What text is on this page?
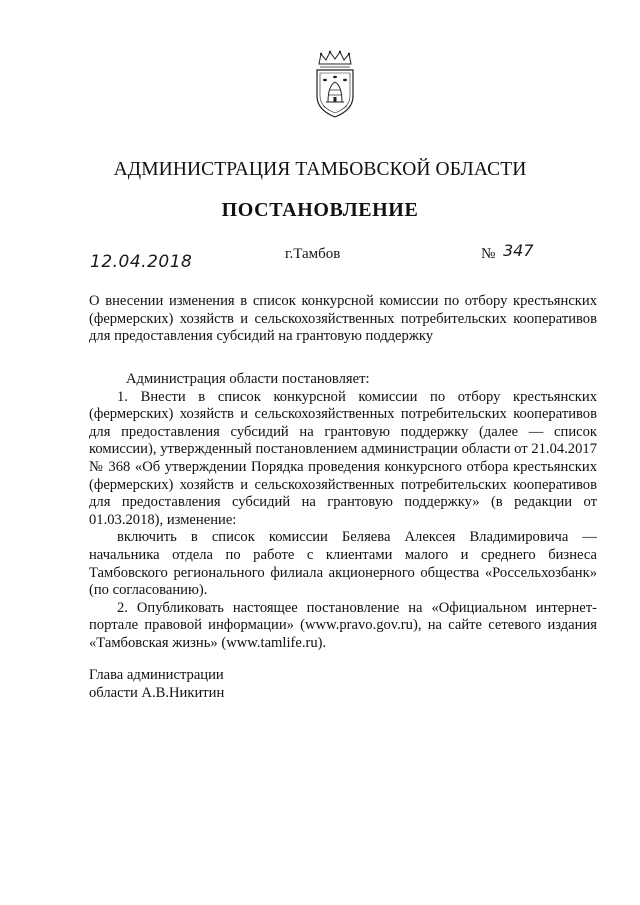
АДМИНИСТРАЦИЯ ТАМБОВСКОЙ ОБЛАСТИ
ПОСТАНОВЛЕНИЕ
12.04.2018	г.Тамбов	№ 347
О внесении изменения в список конкурсной комиссии по отбору крестьянских (фермерских) хозяйств и сельскохозяйственных потребительских кооперативов для предоставления субсидий на грантовую поддержку

Администрация области постановляет:

1. Внести в список конкурсной комиссии по отбору крестьянских (фермерских) хозяйств и сельскохозяйственных потребительских кооперативов для предоставления субсидий на грантовую поддержку (далее — список комиссии), утвержденный постановлением администрации области от 21.04.2017 № 368 «Об утверждении Порядка проведения конкурсного отбора крестьянских (фермерских) хозяйств и сельскохозяйственных потребительских кооперативов для предоставления субсидий на грантовую поддержку» (в редакции от 01.03.2018), изменение:

включить в список комиссии Беляева Алексея Владимировича — начальника отдела по работе с клиентами малого и среднего бизнеса Тамбовского регионального филиала акционерного общества «Россельхозбанк» (по согласованию).

2. Опубликовать настоящее постановление на «Официальном интернет-портале правовой информации» (www.pravo.gov.ru), на сайте сетевого издания «Тамбовская жизнь» (www.tamlife.ru).

Глава администрации
области А.В.Никитин
